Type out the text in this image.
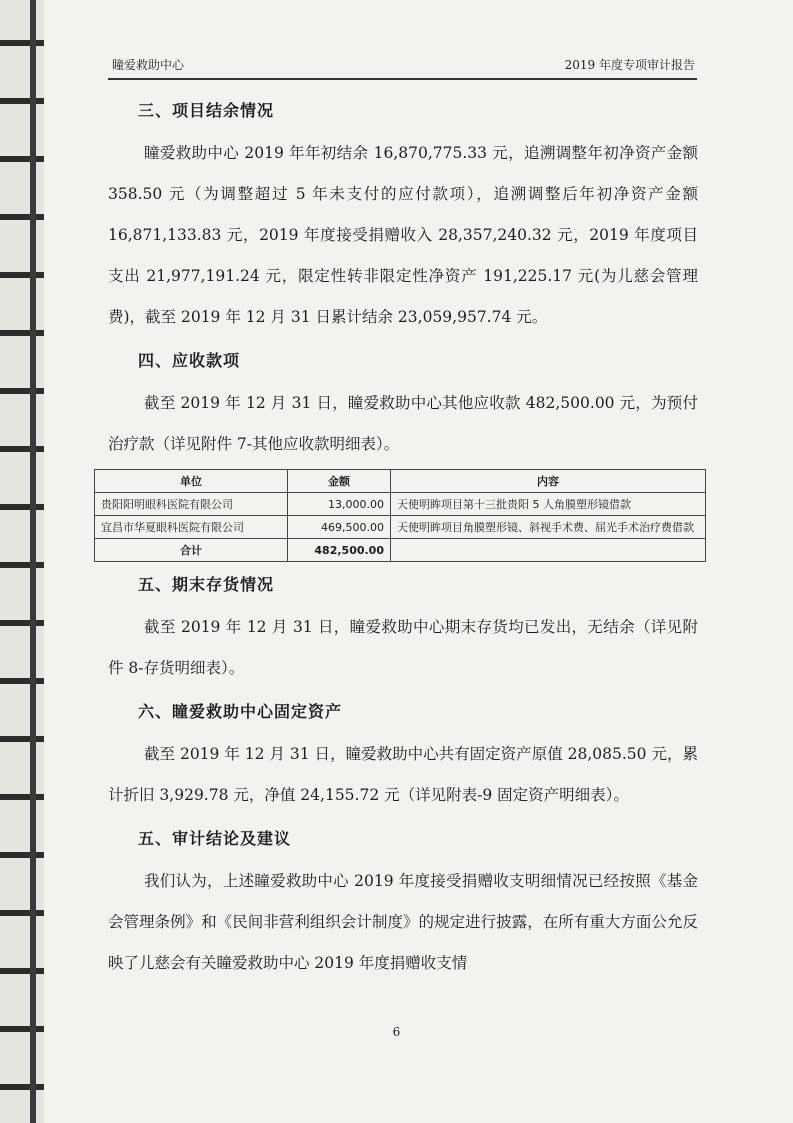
瞳爱救助中心	2019 年度专项审计报告
三、项目结余情况

瞳爱救助中心 2019 年年初结余 16,870,775.33 元，追溯调整年初净资产金额 358.50 元（为调整超过 5 年未支付的应付款项），追溯调整后年初净资产金额 16,871,133.83 元，2019 年度接受捐赠收入 28,357,240.32 元，2019 年度项目支出 21,977,191.24 元，限定性转非限定性净资产 191,225.17 元(为儿慈会管理费)，截至 2019 年 12 月 31 日累计结余 23,059,957.74 元。

四、应收款项

截至 2019 年 12 月 31 日，瞳爱救助中心其他应收款 482,500.00 元，为预付治疗款（详见附件 7-其他应收款明细表）。

单位	金额	内容
贵阳阳明眼科医院有限公司	13,000.00	天使明眸项目第十三批贵阳 5 人角膜塑形镜借款
宜昌市华夏眼科医院有限公司	469,500.00	天使明眸项目角膜塑形镜、斜视手术费、屈光手术治疗费借款
合计	482,500.00	
五、期末存货情况

截至 2019 年 12 月 31 日，瞳爱救助中心期末存货均已发出，无结余（详见附件 8-存货明细表）。

六、瞳爱救助中心固定资产

截至 2019 年 12 月 31 日，瞳爱救助中心共有固定资产原值 28,085.50 元，累计折旧 3,929.78 元，净值 24,155.72 元（详见附表-9 固定资产明细表）。

五、审计结论及建议

我们认为，上述瞳爱救助中心 2019 年度接受捐赠收支明细情况已经按照《基金会管理条例》和《民间非营利组织会计制度》的规定进行披露，在所有重大方面公允反映了儿慈会有关瞳爱救助中心 2019 年度捐赠收支情

6
